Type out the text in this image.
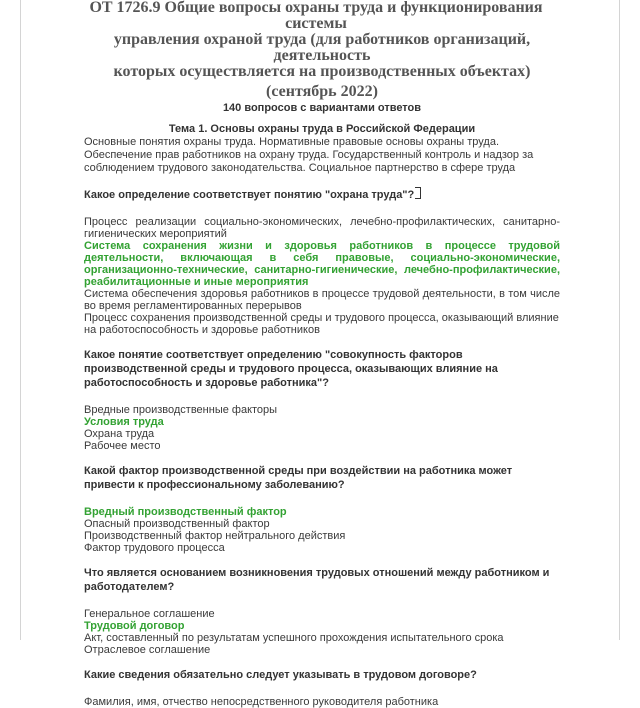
ОТ 1726.9 Общие вопросы охраны труда и функционирования системы
управления охраной труда (для работников организаций, деятельность
которых осуществляется на производственных объектах)
(сентябрь 2022)
140 вопросов с вариантами ответов
Тема 1. Основы охраны труда в Российской Федерации
Основные понятия охраны труда. Нормативные правовые основы охраны труда. Обеспечение прав работников на охрану труда. Государственный контроль и надзор за соблюдением трудового законодательства. Социальное партнерство в сфере труда
Какое определение соответствует понятию "охрана труда"?
Процесс реализации социально-экономических, лечебно-профилактических, санитарно-гигиенических мероприятий
Система сохранения жизни и здоровья работников в процессе трудовой деятельности, включающая в себя правовые, социально-экономические, организационно-технические, санитарно-гигиенические, лечебно-профилактические, реабилитационные и иные мероприятия
Система обеспечения здоровья работников в процессе трудовой деятельности, в том числе во время регламентированных перерывов
Процесс сохранения производственной среды и трудового процесса, оказывающий влияние на работоспособность и здоровье работников
Какое понятие соответствует определению "совокупность факторов производственной среды и трудового процесса, оказывающих влияние на работоспособность и здоровье работника"?
Вредные производственные факторы
Условия труда
Охрана труда
Рабочее место
Какой фактор производственной среды при воздействии на работника может привести к профессиональному заболеванию?
Вредный производственный фактор
Опасный производственный фактор
Производственный фактор нейтрального действия
Фактор трудового процесса
Что является основанием возникновения трудовых отношений между работником и работодателем?
Генеральное соглашение
Трудовой договор
Акт, составленный по результатам успешного прохождения испытательного срока
Отраслевое соглашение
Какие сведения обязательно следует указывать в трудовом договоре?
Фамилия, имя, отчество непосредственного руководителя работника
